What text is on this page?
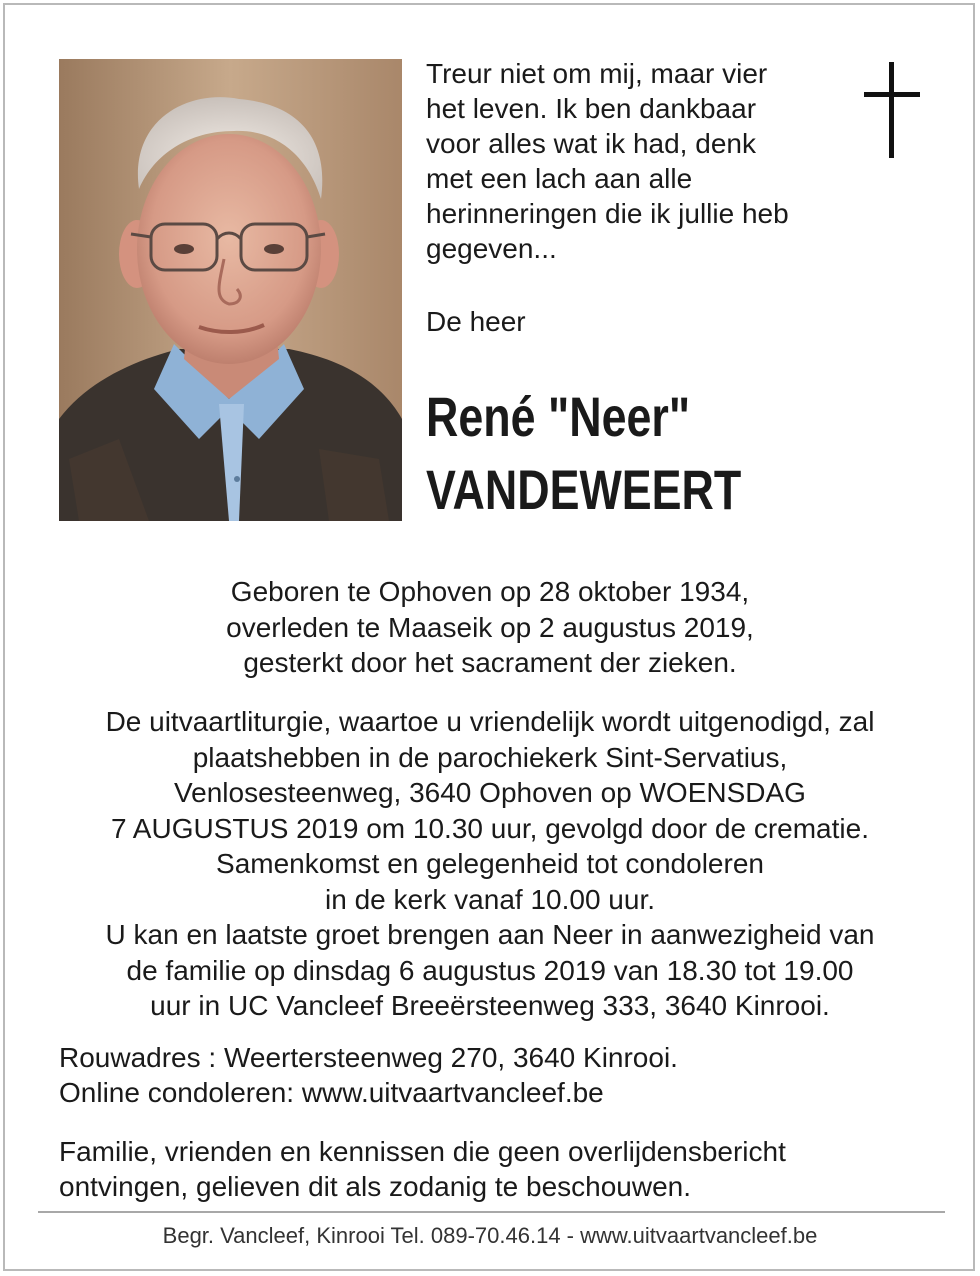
Treur niet om mij, maar vier
het leven. Ik ben dankbaar
voor alles wat ik had, denk
met een lach aan alle
herinneringen die ik jullie heb
gegeven...
De heer
René "Neer"
VANDEWEERT
Geboren te Ophoven op 28 oktober 1934,
overleden te Maaseik op 2 augustus 2019,
gesterkt door het sacrament der zieken.
De uitvaartliturgie, waartoe u vriendelijk wordt uitgenodigd, zal
plaatshebben in de parochiekerk Sint-Servatius,
Venlosesteenweg, 3640 Ophoven op WOENSDAG
7 AUGUSTUS 2019 om 10.30 uur, gevolgd door de crematie.
Samenkomst en gelegenheid tot condoleren
in de kerk vanaf 10.00 uur.
U kan en laatste groet brengen aan Neer in aanwezigheid van
de familie op dinsdag 6 augustus 2019 van 18.30 tot 19.00
uur in UC Vancleef Breeërsteenweg 333, 3640 Kinrooi.
Rouwadres : Weertersteenweg 270, 3640 Kinrooi.
Online condoleren: www.uitvaartvancleef.be
Familie, vrienden en kennissen die geen overlijdensbericht
ontvingen, gelieven dit als zodanig te beschouwen.
Begr. Vancleef, Kinrooi Tel. 089-70.46.14 - www.uitvaartvancleef.be
